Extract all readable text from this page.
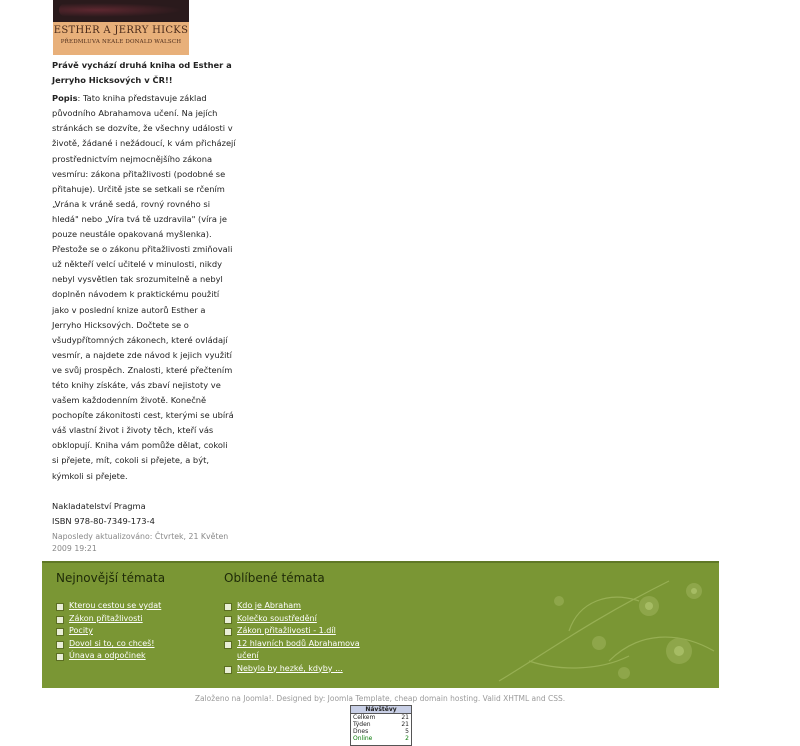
ESTHER A JERRY HICKS
PŘEDMLUVA NEALE DONALD WALSCH
Právě vychází druhá kniha od Esther a Jerryho Hicksových v ČR!!
Popis: Tato kniha představuje základ původního Abrahamova učení. Na jejích stránkách se dozvíte, že všechny události v životě, žádané i nežádoucí, k vám přicházejí prostřednictvím nejmocnějšího zákona vesmíru: zákona přitažlivosti (podobné se přitahuje). Určitě jste se setkali se rčením „Vrána k vráně sedá, rovný rovného si hledá" nebo „Víra tvá tě uzdravila" (víra je pouze neustále opakovaná myšlenka). Přestože se o zákonu přitažlivosti zmiňovali už někteří velcí učitelé v minulosti, nikdy nebyl vysvětlen tak srozumitelně a nebyl doplněn návodem k praktickému použití jako v poslední knize autorů Esther a Jerryho Hicksových. Dočtete se o všudypřítomných zákonech, které ovládají vesmír, a najdete zde návod k jejich využití ve svůj prospěch. Znalosti, které přečtením této knihy získáte, vás zbaví nejistoty ve vašem každodenním životě. Konečně pochopíte zákonitosti cest, kterými se ubírá váš vlastní život i životy těch, kteří vás obklopují. Kniha vám pomůže dělat, cokoli si přejete, mít, cokoli si přejete, a být, kýmkoli si přejete.
Nakladatelství Pragma
ISBN 978-80-7349-173-4
Naposledy aktualizováno: Čtvrtek, 21 Květen 2009 19:21
Nejnovější témata
Kterou cestou se vydat
Zákon přitažlivosti
Pocity
Dovol si to, co chceš!
Únava a odpočinek
Oblíbené témata
Kdo je Abraham
Kolečko soustředění
Zákon přitažlivosti - 1.díl
12 hlavních bodů Abrahamova učení
Nebylo by hezké, kdyby ...
Založeno na Joomla!. Designed by: Joomla Template, cheap domain hosting. Valid XHTML and CSS.
Návštěvy
Celkem	21
Týden	21
Dnes	5
Online	2
